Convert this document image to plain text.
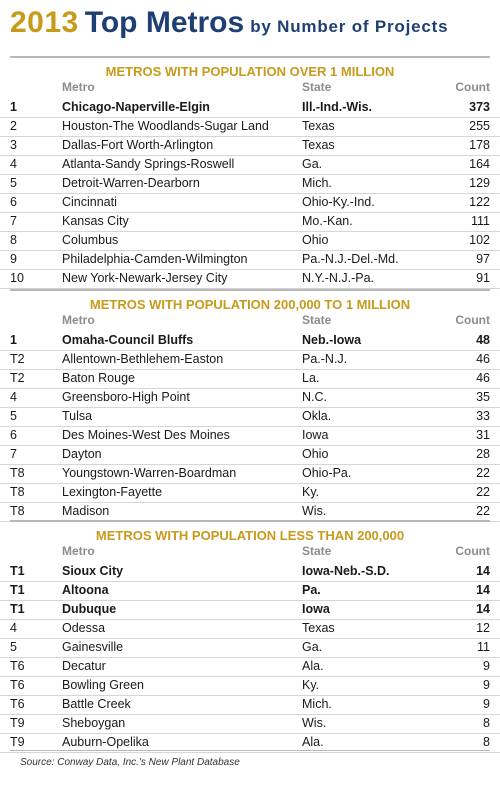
2013 Top Metros by Number of Projects
METROS WITH POPULATION OVER 1 MILLION
Metro	State	Count
1	Chicago-Naperville-Elgin	Ill.-Ind.-Wis.	373
2	Houston-The Woodlands-Sugar Land	Texas	255
3	Dallas-Fort Worth-Arlington	Texas	178
4	Atlanta-Sandy Springs-Roswell	Ga.	164
5	Detroit-Warren-Dearborn	Mich.	129
6	Cincinnati	Ohio-Ky.-Ind.	122
7	Kansas City	Mo.-Kan.	111
8	Columbus	Ohio	102
9	Philadelphia-Camden-Wilmington	Pa.-N.J.-Del.-Md.	97
10	New York-Newark-Jersey City	N.Y.-N.J.-Pa.	91
METROS WITH POPULATION 200,000 TO 1 MILLION
Metro	State	Count
1	Omaha-Council Bluffs	Neb.-Iowa	48
T2	Allentown-Bethlehem-Easton	Pa.-N.J.	46
T2	Baton Rouge	La.	46
4	Greensboro-High Point	N.C.	35
5	Tulsa	Okla.	33
6	Des Moines-West Des Moines	Iowa	31
7	Dayton	Ohio	28
T8	Youngstown-Warren-Boardman	Ohio-Pa.	22
T8	Lexington-Fayette	Ky.	22
T8	Madison	Wis.	22
METROS WITH POPULATION LESS THAN 200,000
Metro	State	Count
T1	Sioux City	Iowa-Neb.-S.D.	14
T1	Altoona	Pa.	14
T1	Dubuque	Iowa	14
4	Odessa	Texas	12
5	Gainesville	Ga.	11
T6	Decatur	Ala.	9
T6	Bowling Green	Ky.	9
T6	Battle Creek	Mich.	9
T9	Sheboygan	Wis.	8
T9	Auburn-Opelika	Ala.	8
Source: Conway Data, Inc.'s New Plant Database
